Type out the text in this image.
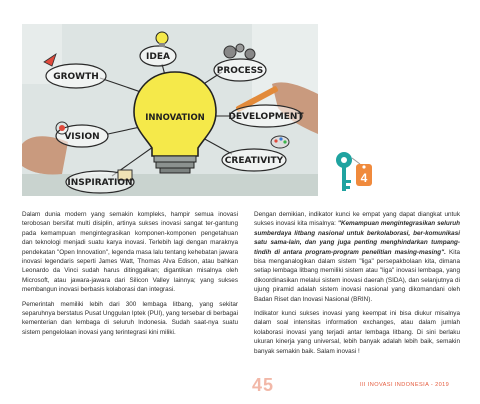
GROWTH
IDEA
PROCESS
DEVELOPMENT
VISION
INNOVATION
CREATIVITY
INSPIRATION	4

Dalam dunia modern yang semakin kompleks, hampir semua inovasi terobosan bersifat multi disiplin, artinya sukses inovasi sangat ter-gantung pada kemampuan mengintegrasikan komponen-komponen pengetahuan dan teknologi menjadi suatu karya inovasi. Terlebih lagi dengan maraknya pendekatan "Open Innovation", legenda masa lalu tentang kehebatan jawara inovasi legendaris seperti James Watt, Thomas Alva Edison, atau bahkan Leonardo da Vinci sudah harus ditinggalkan; digantikan misalnya oleh Microsoft, atau jawara-jawara dari Silicon Valley lainnya; yang sukses membangun inovasi berbasis kolaborasi dan integrasi.

Pemerintah memiliki lebih dari 300 lembaga litbang, yang sekitar separuhnya berstatus Pusat Unggulan Iptek (PUI), yang tersebar di berbagai kementerian dan lembaga di seluruh Indonesia. Sudah saat-nya suatu sistem pengelolaan inovasi yang terintegrasi kini miliki.

Dengan demikian, indikator kunci ke empat yang dapat diangkat untuk sukses inovasi kita misalnya: "Kemampuan mengintegrasikan seluruh sumberdaya litbang nasional untuk berkolaborasi, ber-komunikasi satu sama-lain, dan yang juga penting menghindarkan tumpang-tindih di antara program-program penelitian masing-masing". Kita bisa menganalogikan dalam sistem "liga" persepakbolaan kita, dimana setiap lembaga litbang memiliki sistem atau "liga" inovasi lembaga, yang dikoordinasikan melalui sistem inovasi daerah (SIDA), dan selanjutnya di ujung piramid adalah sistem inovasi nasional yang dikomandani oleh Badan Riset dan Inovasi Nasional (BRIN).

Indikator kunci sukses inovasi yang keempat ini bisa diukur misalnya dalam soal intensitas information exchanges, atau dalam jumlah kolaborasi inovasi yang terjadi antar lembaga litbang. Di sini berlaku ukuran kinerja yang universal, lebih banyak adalah lebih baik, semakin banyak semakin baik. Salam inovasi !

45	III INOVASI INDONESIA - 2019
